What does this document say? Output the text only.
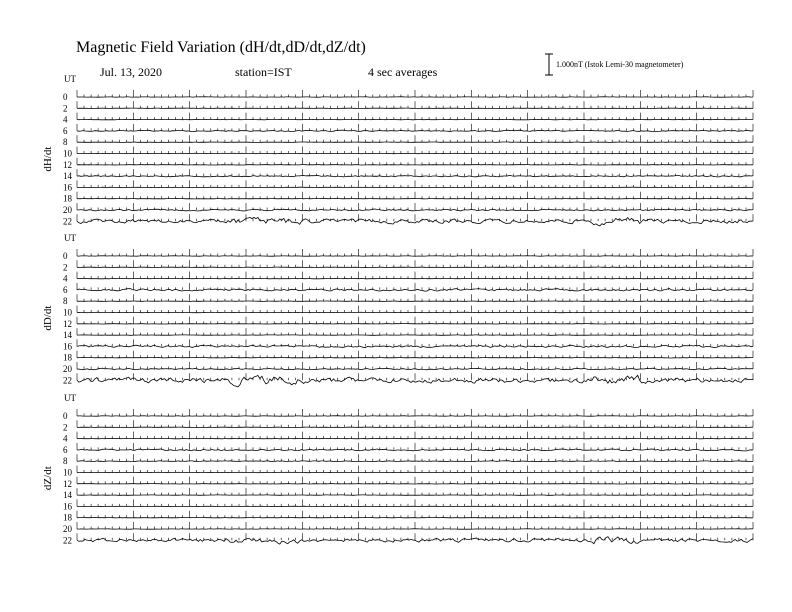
Magnetic Field Variation (dH/dt,dD/dt,dZ/dt)
Jul. 13, 2020	station=IST	4 sec averages
1.000nT (Istok Lemi-30 magnetometer)
UT
dH/dt
0
2
4
6
8
10
12
14
16
18
20
22
UT
dD/dt
0
2
4
6
8
10
12
14
16
18
20
22
UT
dZ/dt
0
2
4
6
8
10
12
14
16
18
20
22
